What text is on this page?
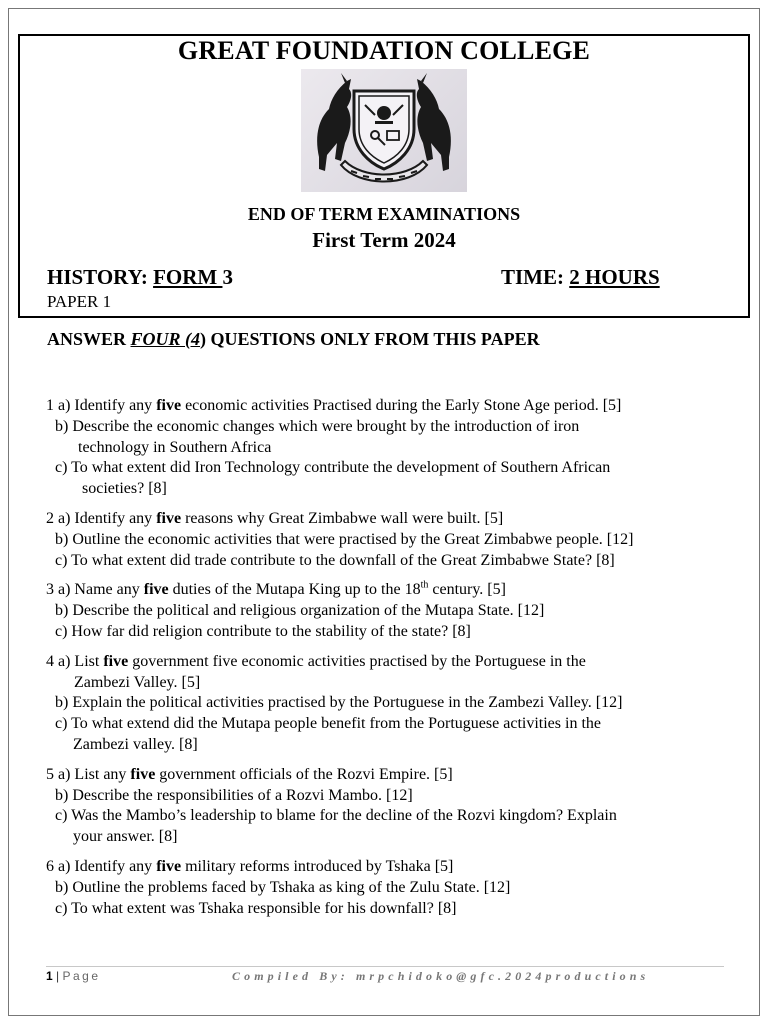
GREAT FOUNDATION COLLEGE
END OF TERM EXAMINATIONS
First Term 2024
HISTORY: FORM 3	TIME: 2 HOURS
PAPER 1
ANSWER FOUR (4) QUESTIONS ONLY FROM THIS PAPER
1 a) Identify any five economic activities Practised during the Early Stone Age period. [5]
b) Describe the economic changes which were brought by the introduction of iron
technology in Southern Africa
c) To what extent did Iron Technology contribute the development of Southern African
societies? [8]
2 a) Identify any five reasons why Great Zimbabwe wall were built. [5]
b) Outline the economic activities that were practised by the Great Zimbabwe people. [12]
c) To what extent did trade contribute to the downfall of the Great Zimbabwe State? [8]
3 a) Name any five duties of the Mutapa King up to the 18th century. [5]
b) Describe the political and religious organization of the Mutapa State. [12]
c) How far did religion contribute to the stability of the state? [8]
4 a) List five government five economic activities practised by the Portuguese in the
Zambezi Valley. [5]
b) Explain the political activities practised by the Portuguese in the Zambezi Valley. [12]
c) To what extend did the Mutapa people benefit from the Portuguese activities in the
Zambezi valley. [8]
5 a) List any five government officials of the Rozvi Empire. [5]
b) Describe the responsibilities of a Rozvi Mambo. [12]
c) Was the Mambo’s leadership to blame for the decline of the Rozvi kingdom? Explain
your answer. [8]
6 a) Identify any five military reforms introduced by Tshaka [5]
b) Outline the problems faced by Tshaka as king of the Zulu State. [12]
c) To what extent was Tshaka responsible for his downfall? [8]
1 | Page	Compiled By: mrpchidoko@gfc.2024productions
